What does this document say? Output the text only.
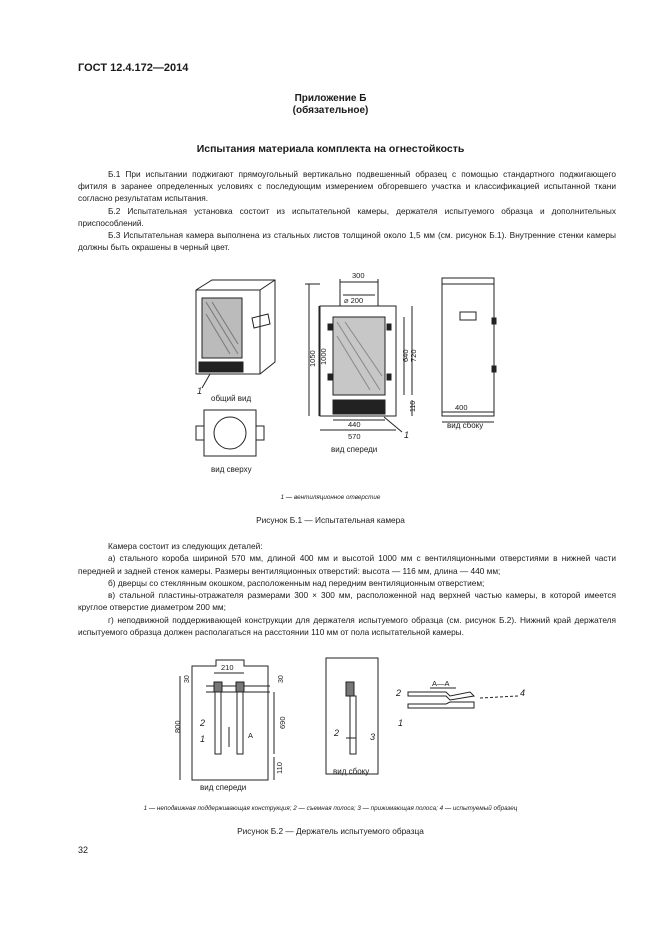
ГОСТ 12.4.172—2014
Приложение Б
(обязательное)
Испытания материала комплекта на огнестойкость
Б.1 При испытании поджигают прямоугольный вертикально подвешенный образец с помощью стандартного поджигающего фитиля в заранее определенных условиях с последующим измерением обгоревшего участка и классификацией испытанной ткани согласно результатам испытания.
Б.2 Испытательная установка состоит из испытательной камеры, держателя испытуемого образца и дополнительных приспособлений.
Б.3 Испытательная камера выполнена из стальных листов толщиной около 1,5 мм (см. рисунок Б.1). Внутренние стенки камеры должны быть окрашены в черный цвет.
общий вид
1
вид сверху
300
⌀ 200
1050 1000	640 720
116
440
570	1
вид спереди
400
вид сбоку
1 — вентиляционное отверстие
Рисунок Б.1 — Испытательная камера
Камера состоит из следующих деталей:
а) стального короба шириной 570 мм, длиной 400 мм и высотой 1000 мм с вентиляционными отверстиями в нижней части передней и задней стенок камеры. Размеры вентиляционных отверстий: высота — 116 мм, длина — 440 мм;
б) дверцы со стеклянным окошком, расположенным над передним вентиляционным отверстием;
в) стальной пластины-отражателя размерами 300 × 300 мм, расположенной над верхней частью камеры, в которой имеется круглое отверстие диаметром 200 мм;
г) неподвижной поддерживающей конструкции для держателя испытуемого образца (см. рисунок Б.2). Нижний край держателя испытуемого образца должен располагаться на расстоянии 110 мм от пола испытательной камеры.
30
210
30
800	690
110
2
1	A
вид спереди
2	3
вид сбоку
A—A
2
1
4
1 — неподвижная поддерживающая конструкция; 2 — съемная полоса; 3 — прижимающая полоса; 4 — испытуемый образец
Рисунок Б.2 — Держатель испытуемого образца
32
